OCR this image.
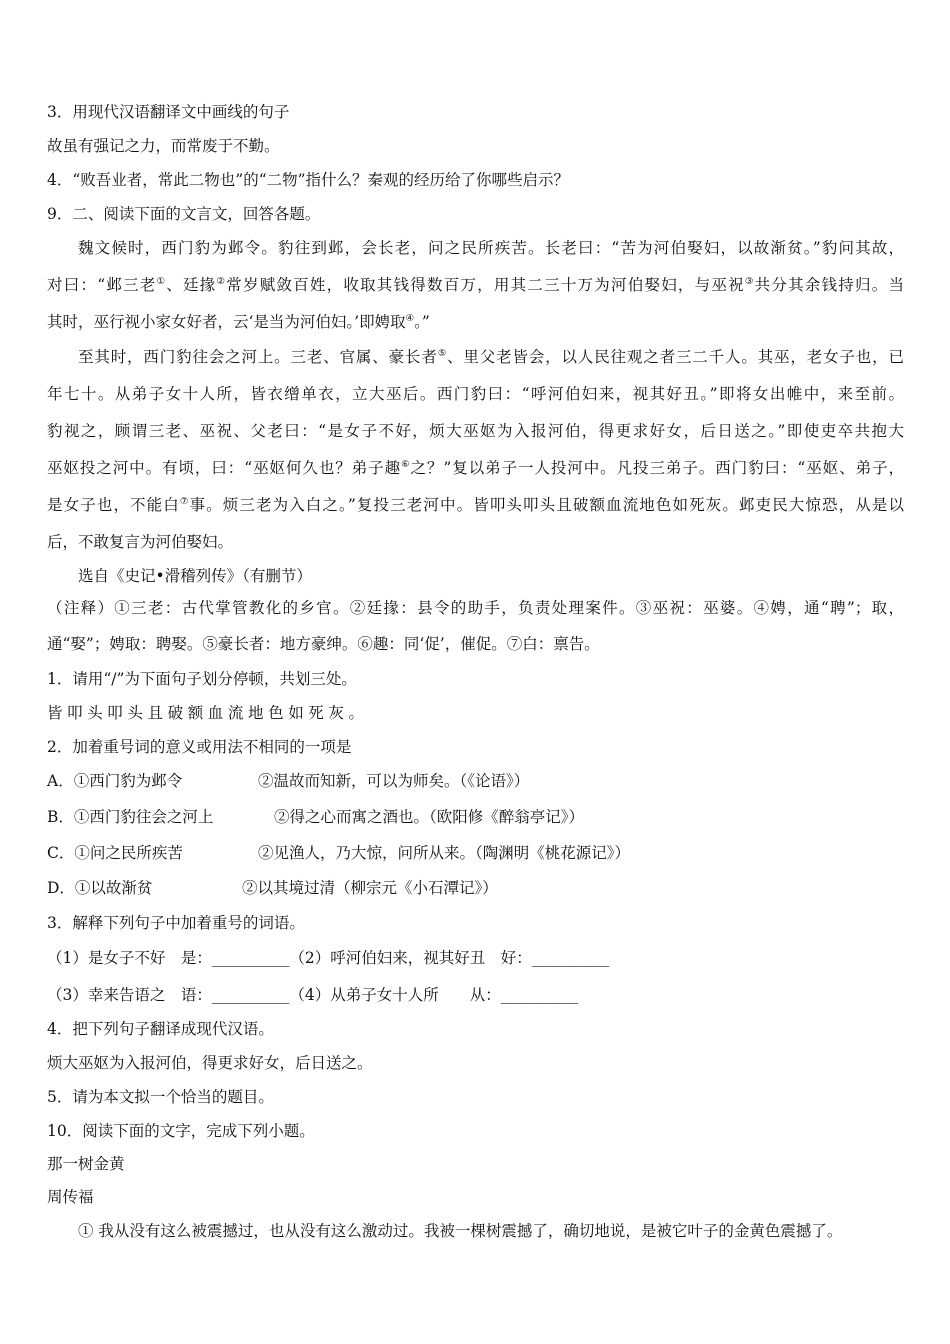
3．用现代汉语翻译文中画线的句子
故虽有强记之力，而常废于不勤。
4．“败吾业者，常此二物也”的“二物”指什么？秦观的经历给了你哪些启示？
9．二、阅读下面的文言文，回答各题。
魏文候时，西门豹为邺令。豹往到邺，会长老，问之民所疾苦。长老曰：“苦为河伯娶妇，以故渐贫。”豹问其故，
对曰：“邺三老①、廷掾②常岁赋敛百姓，收取其钱得数百万，用其二三十万为河伯娶妇，与巫祝③共分其余钱持归。当
其时，巫行视小家女好者，云‘是当为河伯妇。’即娉取④。”
至其时，西门豹往会之河上。三老、官属、豪长者⑤、里父老皆会，以人民往观之者三二千人。其巫，老女子也，已
年七十。从弟子女十人所，皆衣缯单衣，立大巫后。西门豹曰：“呼河伯妇来，视其好丑。”即将女出帷中，来至前。
豹视之，顾谓三老、巫祝、父老曰：“是女子不好，烦大巫妪为入报河伯，得更求好女，后日送之。”即使吏卒共抱大
巫妪投之河中。有顷，曰：“巫妪何久也？弟子趣⑥之？”复以弟子一人投河中。凡投三弟子。西门豹曰：“巫妪、弟子，
是女子也，不能白⑦事。烦三老为入白之。”复投三老河中。皆叩头叩头且破额血流地色如死灰。邺吏民大惊恐，从是以
后，不敢复言为河伯娶妇。
选自《史记•滑稽列传》（有删节）
（注释）①三老：古代掌管教化的乡官。②廷掾：县令的助手，负责处理案件。③巫祝：巫婆。④娉，通“聘”；取，
通“娶”；娉取：聘娶。⑤豪长者：地方豪绅。⑥趣：同‘促’，催促。⑦白：禀告。
1．请用“/”为下面句子划分停顿，共划三处。
皆叩头叩头且破额血流地色如死灰。
2．加着重号词的意义或用法不相同的一项是
A．①西门豹为邺令	②温故而知新，可以为师矣。（《论语》）
B．①西门豹往会之河上	②得之心而寓之酒也。（欧阳修《醉翁亭记》）
C．①问之民所疾苦	②见渔人，乃大惊，问所从来。（陶渊明《桃花源记》）
D．①以故渐贫	②以其境过清（柳宗元《小石潭记》）
3．解释下列句子中加着重号的词语。
（1）是女子不好　是：__________（2）呼河伯妇来，视其好丑　好：__________
（3）幸来告语之　语：__________（4）从弟子女十人所　　从：__________
4．把下列句子翻译成现代汉语。
烦大巫妪为入报河伯，得更求好女，后日送之。
5．请为本文拟一个恰当的题目。
10．阅读下面的文字，完成下列小题。
那一树金黄
周传福
① 我从没有这么被震撼过，也从没有这么激动过。我被一棵树震撼了，确切地说，是被它叶子的金黄色震撼了。
